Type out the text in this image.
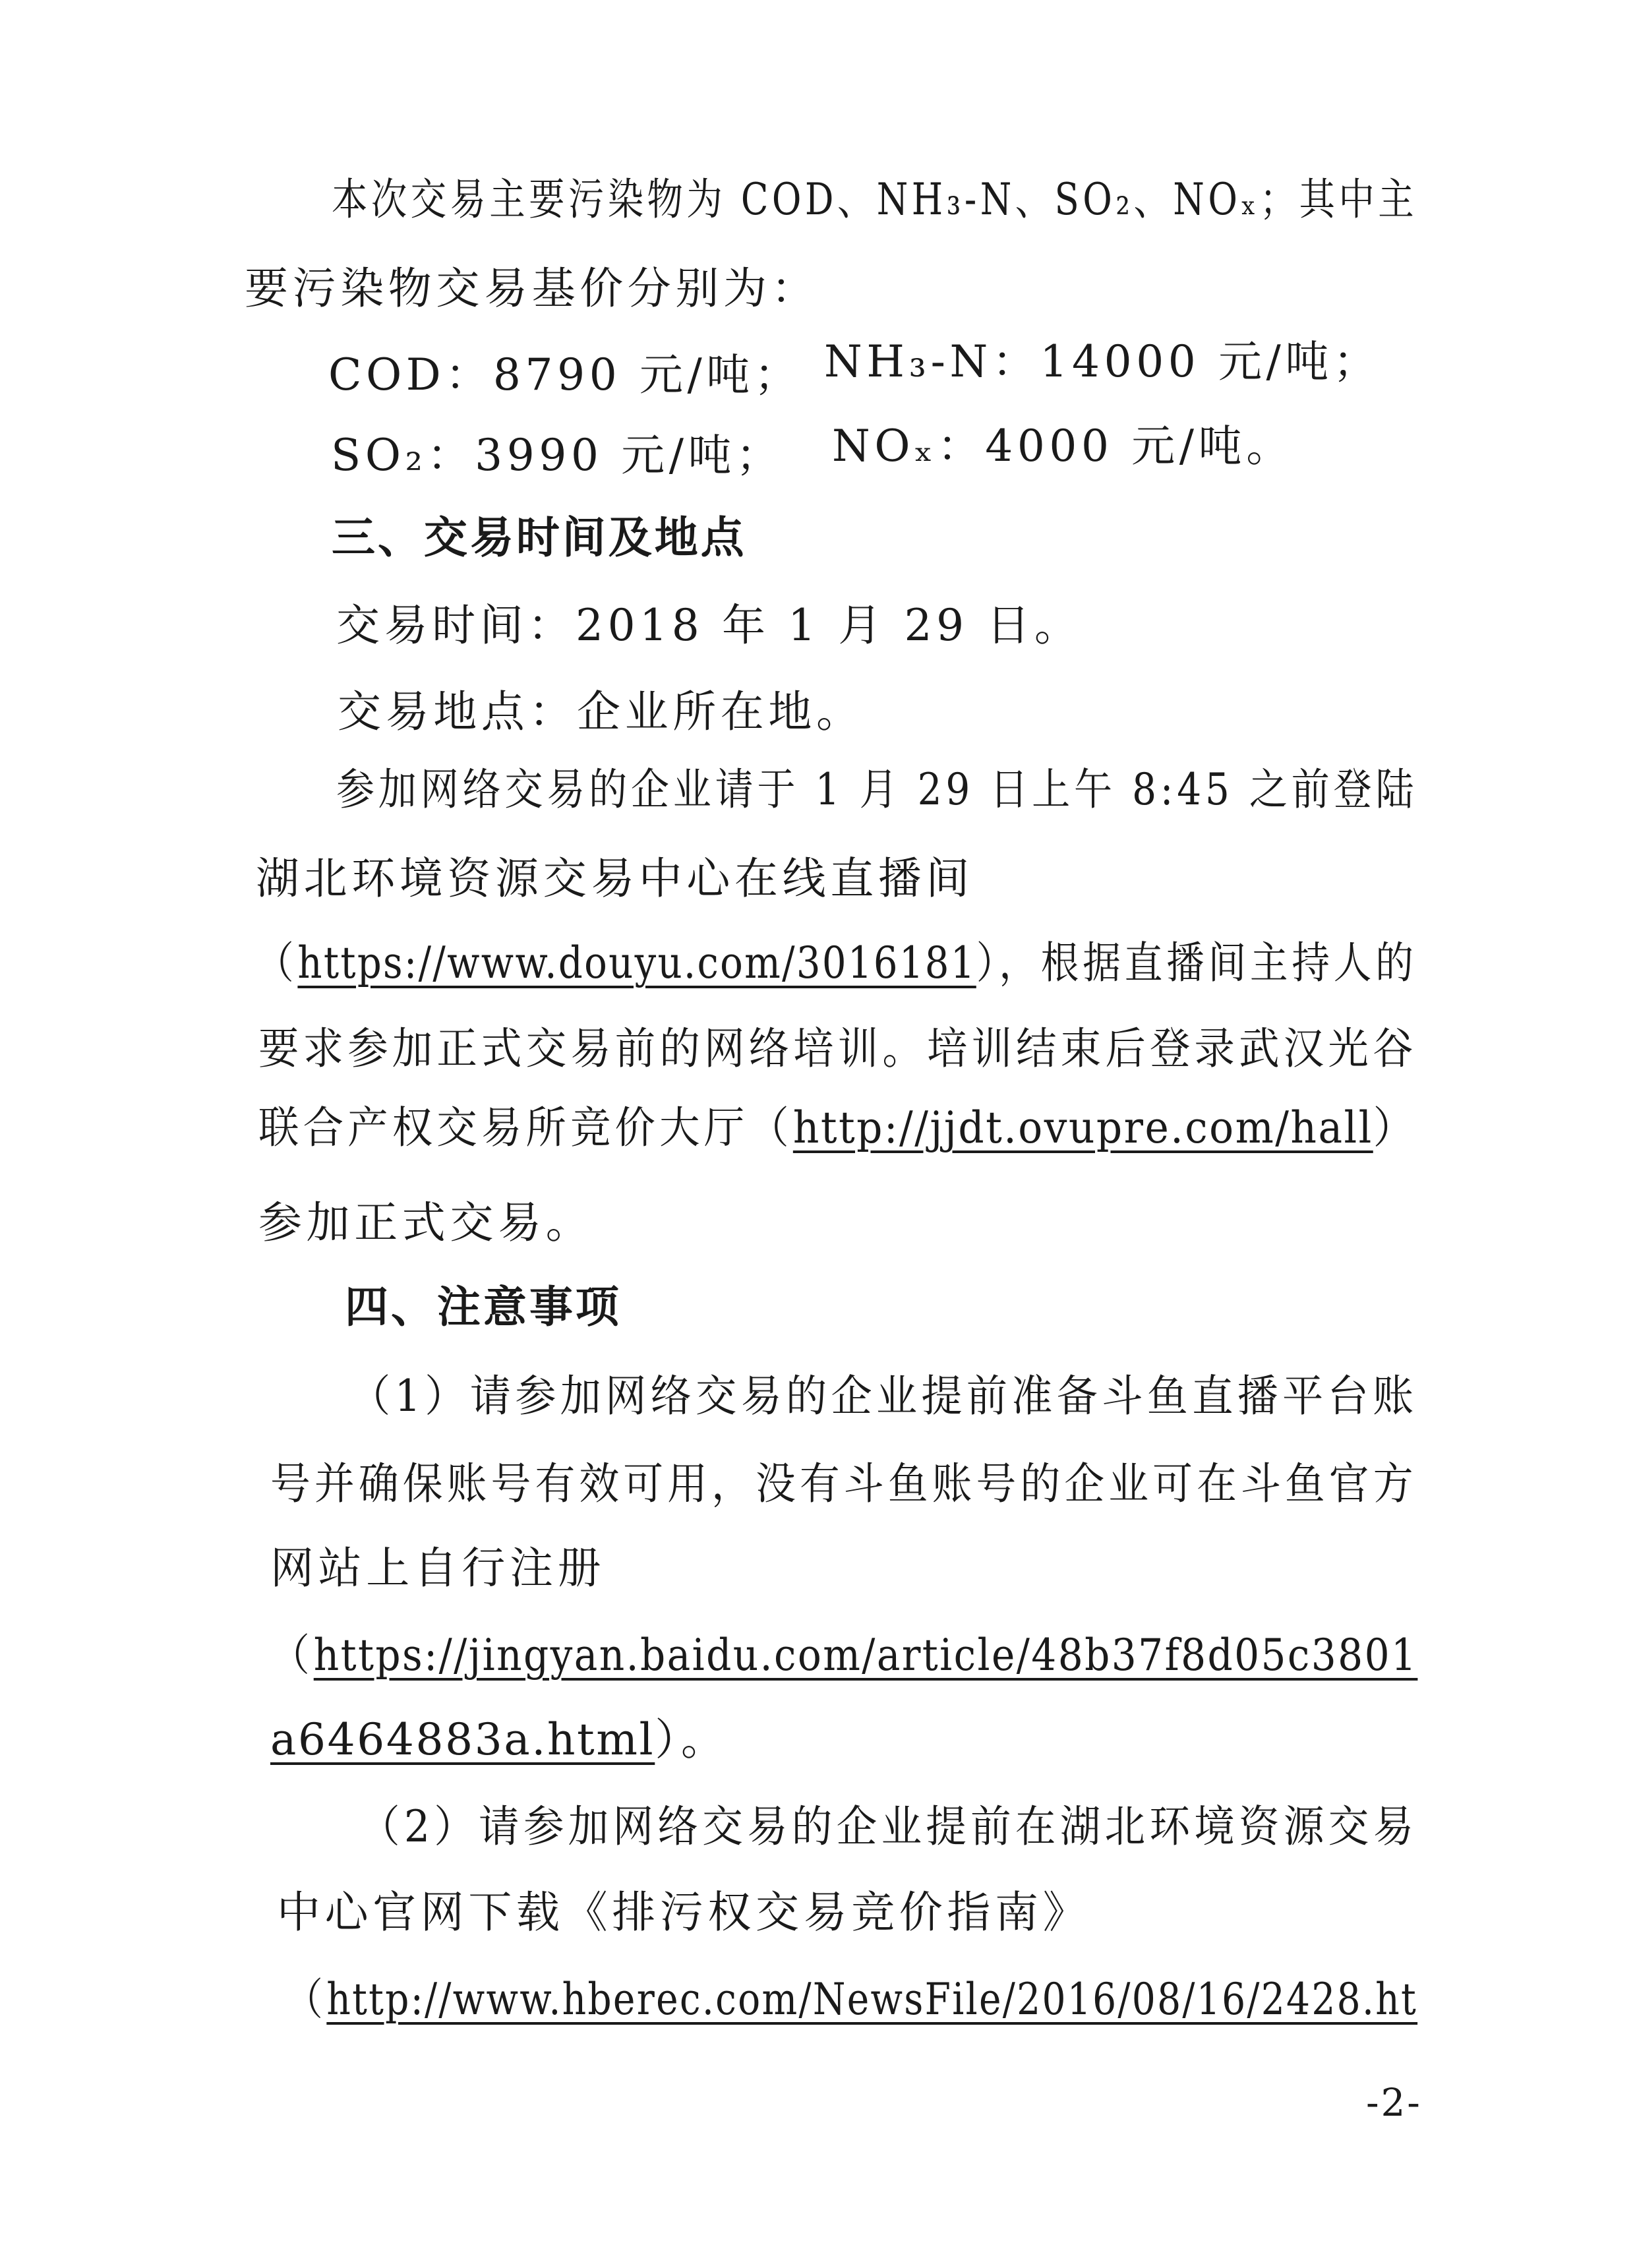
本次交易主要污染物为 COD、NH₃-N、SO₂、NOₓ；其中主
要污染物交易基价分别为：
COD：8790 元/吨； NH₃-N：14000 元/吨；
SO₂：3990 元/吨； NOₓ：4000 元/吨。
三、交易时间及地点
交易时间：2018 年 1 月 29 日。
交易地点：企业所在地。
参加网络交易的企业请于 1 月 29 日上午 8:45 之前登陆
湖北环境资源交易中心在线直播间
（https://www.douyu.com/3016181），根据直播间主持人的
要求参加正式交易前的网络培训。培训结束后登录武汉光谷
联合产权交易所竞价大厅（http://jjdt.ovupre.com/hall）
参加正式交易。
四、注意事项
（1）请参加网络交易的企业提前准备斗鱼直播平台账
号并确保账号有效可用，没有斗鱼账号的企业可在斗鱼官方
网站上自行注册
（https://jingyan.baidu.com/article/48b37f8d05c3801
a6464883a.html）。
（2）请参加网络交易的企业提前在湖北环境资源交易
中心官网下载《排污权交易竞价指南》
（http://www.hberec.com/NewsFile/2016/08/16/2428.ht
-2-
